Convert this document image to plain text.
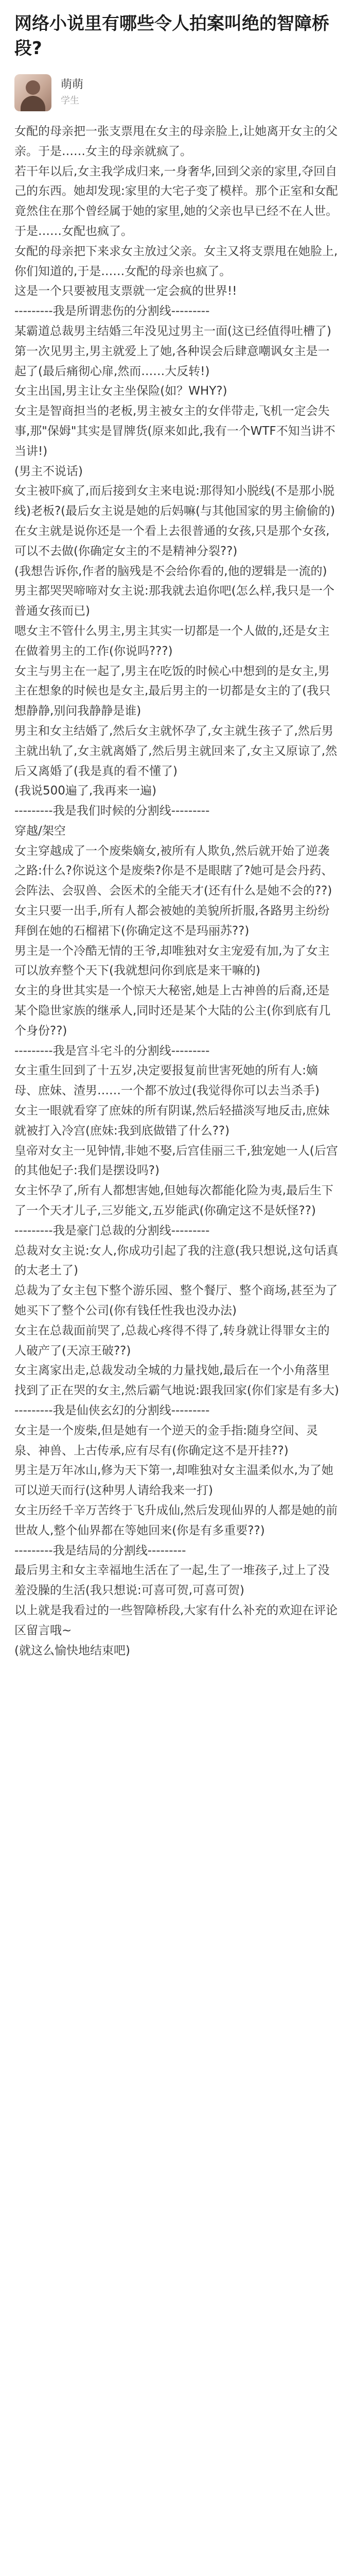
网络小说里有哪些令人拍案叫绝的智障桥段?
萌萌
学生

女配的母亲把一张支票甩在女主的母亲脸上,让她离开女主的父亲。于是……女主的母亲就疯了。

若干年以后,女主我学成归来,一身奢华,回到父亲的家里,夺回自己的东西。她却发现:家里的大宅子变了模样。那个正室和女配竟然住在那个曾经属于她的家里,她的父亲也早已经不在人世。于是……女配也疯了。

女配的母亲把下来求女主放过父亲。女主又将支票甩在她脸上,你们知道的,于是……女配的母亲也疯了。

这是一个只要被甩支票就一定会疯的世界!!

---------我是所谓悲伤的分割线---------

某霸道总裁男主结婚三年没见过男主一面(这已经值得吐槽了)

第一次见男主,男主就爱上了她,各种误会后肆意嘲讽女主是一起了(最后痛彻心扉,然而……大反转!)

女主出国,男主让女主坐保险(如？WHY?)

女主是智商担当的老板,男主被女主的女伴带走,飞机一定会失事,那"保姆"其实是冒牌货(原来如此,我有一个WTF不知当讲不当讲!)

(男主不说话)

女主被吓疯了,而后接到女主来电说:那得知小脱线(不是那小脱线)老板?(最后女主说是她的后妈嘛(与其他国家的男主偷偷的)

在女主就是说你还是一个看上去很普通的女孩,只是那个女孩,可以不去做(你确定女主的不是精神分裂??)

(我想告诉你,作者的脑残是不会给你看的,他的逻辑是一流的)

男主都哭哭啼啼对女主说:那我就去追你吧(怎么样,我只是一个普通女孩而已)

嗯女主不管什么男主,男主其实一切都是一个人做的,还是女主在做着男主的工作(你说吗???)

女主与男主在一起了,男主在吃饭的时候心中想到的是女主,男主在想象的时候也是女主,最后男主的一切都是女主的了(我只想静静,别问我静静是谁)

男主和女主结婚了,然后女主就怀孕了,女主就生孩子了,然后男主就出轨了,女主就离婚了,然后男主就回来了,女主又原谅了,然后又离婚了(我是真的看不懂了)

(我说500遍了,我再来一遍)

---------我是我们时候的分割线---------

穿越/架空

女主穿越成了一个废柴嫡女,被所有人欺负,然后就开始了逆袭之路:什么?你说这个是废柴?你是不是眼瞎了?她可是会丹药、会阵法、会驭兽、会医术的全能天才(还有什么是她不会的??)

女主只要一出手,所有人都会被她的美貌所折服,各路男主纷纷拜倒在她的石榴裙下(你确定这不是玛丽苏??)

男主是一个冷酷无情的王爷,却唯独对女主宠爱有加,为了女主可以放弃整个天下(我就想问你到底是来干嘛的)

女主的身世其实是一个惊天大秘密,她是上古神兽的后裔,还是某个隐世家族的继承人,同时还是某个大陆的公主(你到底有几个身份??)

---------我是宫斗宅斗的分割线---------

女主重生回到了十五岁,决定要报复前世害死她的所有人:嫡母、庶妹、渣男……一个都不放过(我觉得你可以去当杀手)

女主一眼就看穿了庶妹的所有阴谋,然后轻描淡写地反击,庶妹就被打入冷宫(庶妹:我到底做错了什么??)

皇帝对女主一见钟情,非她不娶,后宫佳丽三千,独宠她一人(后宫的其他妃子:我们是摆设吗?)

女主怀孕了,所有人都想害她,但她每次都能化险为夷,最后生下了一个天才儿子,三岁能文,五岁能武(你确定这不是妖怪??)

---------我是豪门总裁的分割线---------

总裁对女主说:女人,你成功引起了我的注意(我只想说,这句话真的太老土了)

总裁为了女主包下整个游乐园、整个餐厅、整个商场,甚至为了她买下了整个公司(你有钱任性我也没办法)

女主在总裁面前哭了,总裁心疼得不得了,转身就让得罪女主的人破产了(天凉王破??)

女主离家出走,总裁发动全城的力量找她,最后在一个小角落里找到了正在哭的女主,然后霸气地说:跟我回家(你们家是有多大)

---------我是仙侠玄幻的分割线---------

女主是一个废柴,但是她有一个逆天的金手指:随身空间、灵泉、神兽、上古传承,应有尽有(你确定这不是开挂??)

男主是万年冰山,修为天下第一,却唯独对女主温柔似水,为了她可以逆天而行(这种男人请给我来一打)

女主历经千辛万苦终于飞升成仙,然后发现仙界的人都是她的前世故人,整个仙界都在等她回来(你是有多重要??)

---------我是结局的分割线---------

最后男主和女主幸福地生活在了一起,生了一堆孩子,过上了没羞没臊的生活(我只想说:可喜可贺,可喜可贺)

以上就是我看过的一些智障桥段,大家有什么补充的欢迎在评论区留言哦~

(就这么愉快地结束吧)
